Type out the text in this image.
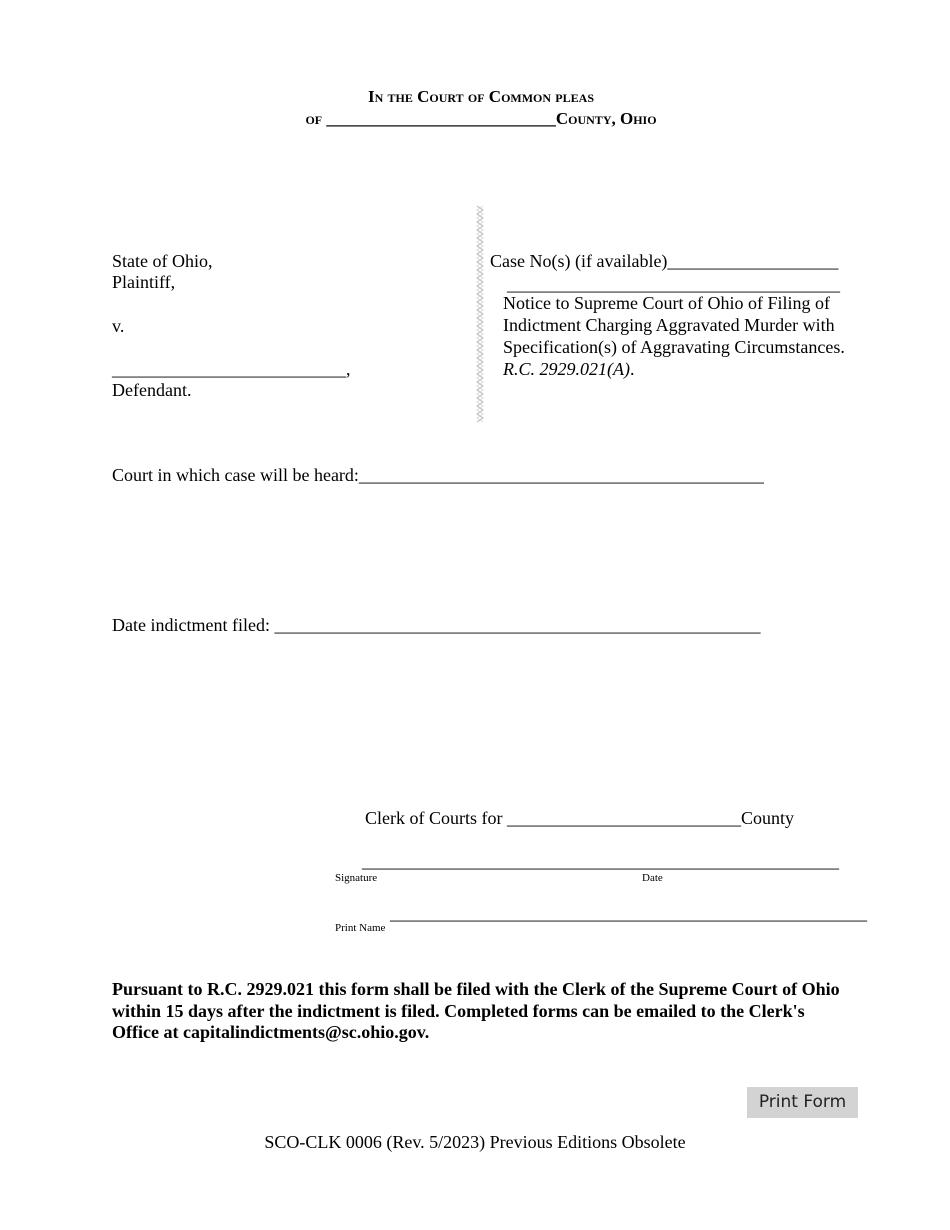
In the Court of Common pleas
of ___________________________County, Ohio
State of Ohio,
Plaintiff,
v.
__________________________,
Defendant.
Case No(s) (if available)___________________
_____________________________________
Notice to Supreme Court of Ohio of Filing of Indictment Charging Aggravated Murder with Specification(s) of Aggravating Circumstances. R.C. 2929.021(A).
Court in which case will be heard:_____________________________________________
Date indictment filed: ______________________________________________________
Clerk of Courts for __________________________County
_____________________________________________________
Signature	Date
_____________________________________________________
Print Name
Pursuant to R.C. 2929.021 this form shall be filed with the Clerk of the Supreme Court of Ohio within 15 days after the indictment is filed. Completed forms can be emailed to the Clerk's Office at capitalindictments@sc.ohio.gov.
Print Form
SCO-CLK 0006 (Rev. 5/2023) Previous Editions Obsolete
